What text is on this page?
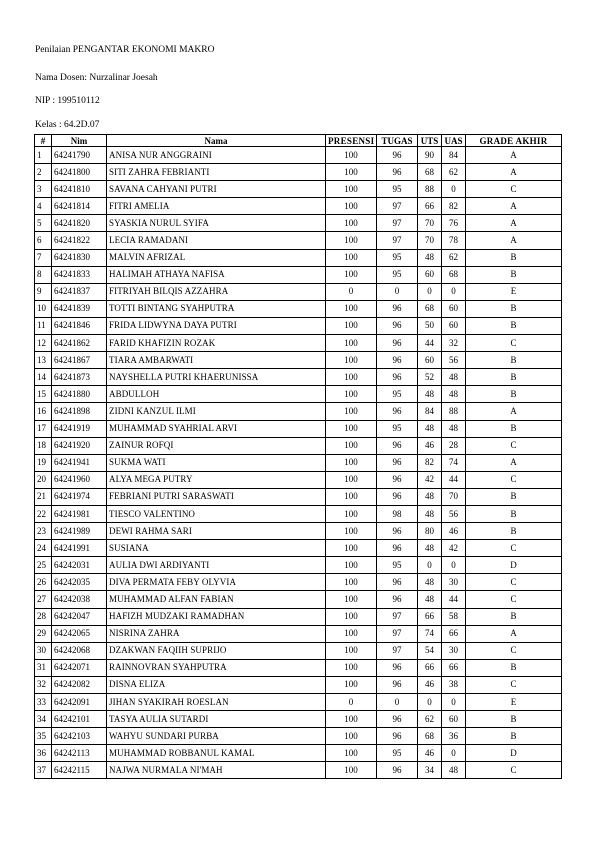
Penilaian PENGANTAR EKONOMI MAKRO
Nama Dosen: Nurzalinar Joesah
NIP : 199510112
Kelas : 64.2D.07
#	Nim	Nama	PRESENSI	TUGAS	UTS	UAS	GRADE AKHIR
1	64241790	ANISA NUR ANGGRAINI	100	96	90	84	A
2	64241800	SITI ZAHRA FEBRIANTI	100	96	68	62	A
3	64241810	SAVANA CAHYANI PUTRI	100	95	88	0	C
4	64241814	FITRI AMELIA	100	97	66	82	A
5	64241820	SYASKIA NURUL SYIFA	100	97	70	76	A
6	64241822	LECIA RAMADANI	100	97	70	78	A
7	64241830	MALVIN AFRIZAL	100	95	48	62	B
8	64241833	HALIMAH ATHAYA NAFISA	100	95	60	68	B
9	64241837	FITRIYAH BILQIS AZZAHRA	0	0	0	0	E
10	64241839	TOTTI BINTANG SYAHPUTRA	100	96	68	60	B
11	64241846	FRIDA LIDWYNA DAYA PUTRI	100	96	50	60	B
12	64241862	FARID KHAFIZIN ROZAK	100	96	44	32	C
13	64241867	TIARA AMBARWATI	100	96	60	56	B
14	64241873	NAYSHELLA PUTRI KHAERUNISSA	100	96	52	48	B
15	64241880	ABDULLOH	100	95	48	48	B
16	64241898	ZIDNI KANZUL ILMI	100	96	84	88	A
17	64241919	MUHAMMAD SYAHRIAL ARVI	100	95	48	48	B
18	64241920	ZAINUR ROFQI	100	96	46	28	C
19	64241941	SUKMA WATI	100	96	82	74	A
20	64241960	ALYA MEGA PUTRY	100	96	42	44	C
21	64241974	FEBRIANI PUTRI SARASWATI	100	96	48	70	B
22	64241981	TIESCO VALENTINO	100	98	48	56	B
23	64241989	DEWI RAHMA SARI	100	96	80	46	B
24	64241991	SUSIANA	100	96	48	42	C
25	64242031	AULIA DWI ARDIYANTI	100	95	0	0	D
26	64242035	DIVA PERMATA FEBY OLYVIA	100	96	48	30	C
27	64242038	MUHAMMAD ALFAN FABIAN	100	96	48	44	C
28	64242047	HAFIZH MUDZAKI RAMADHAN	100	97	66	58	B
29	64242065	NISRINA ZAHRA	100	97	74	66	A
30	64242068	DZAKWAN FAQIIH SUPRIJO	100	97	54	30	C
31	64242071	RAINNOVRAN SYAHPUTRA	100	96	66	66	B
32	64242082	DISNA ELIZA	100	96	46	38	C
33	64242091	JIHAN SYAKIRAH ROESLAN	0	0	0	0	E
34	64242101	TASYA AULIA SUTARDI	100	96	62	60	B
35	64242103	WAHYU SUNDARI PURBA	100	96	68	36	B
36	64242113	MUHAMMAD ROBBANUL KAMAL	100	95	46	0	D
37	64242115	NAJWA NURMALA NI'MAH	100	96	34	48	C
